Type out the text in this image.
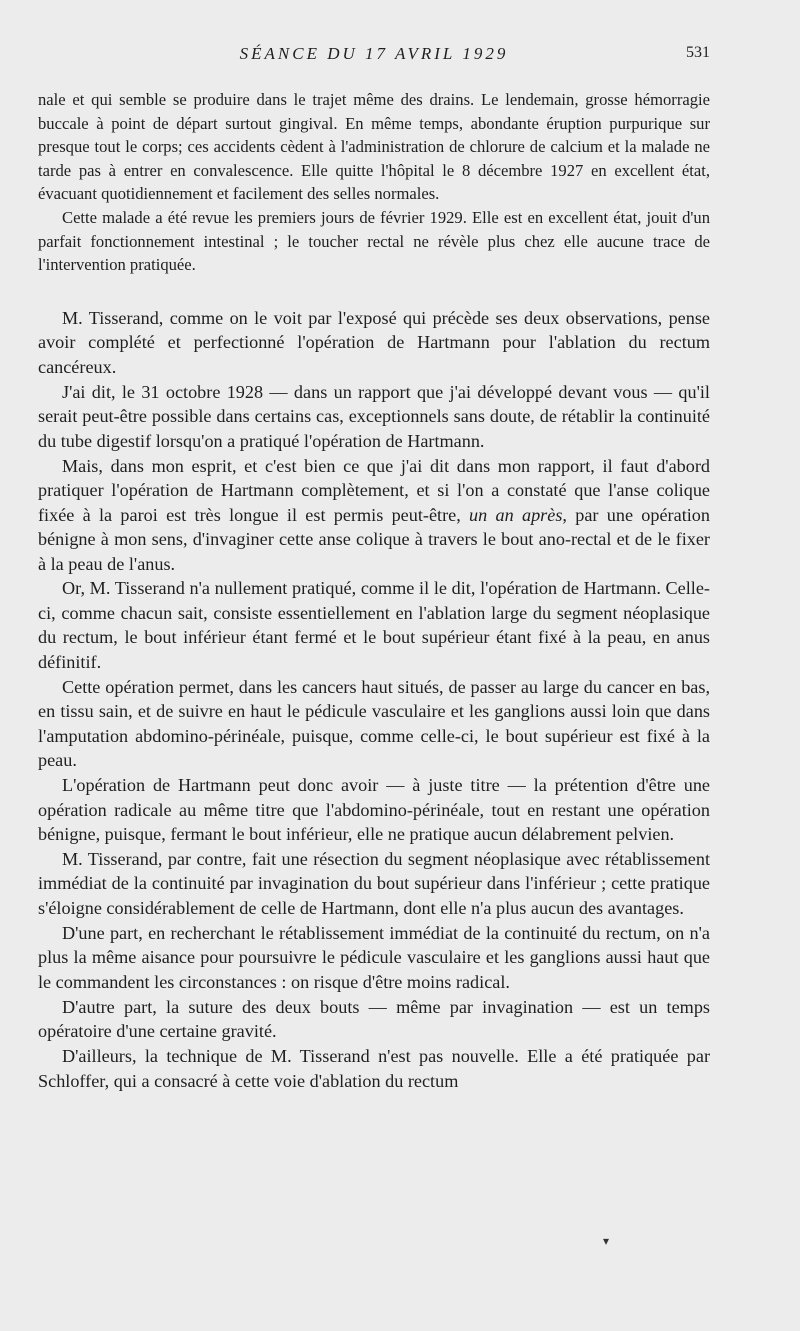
SÉANCE DU 17 AVRIL 1929	531

nale et qui semble se produire dans le trajet même des drains. Le lendemain, grosse hémorragie buccale à point de départ surtout gingival. En même temps, abondante éruption purpurique sur presque tout le corps; ces accidents cèdent à l'administration de chlorure de calcium et la malade ne tarde pas à entrer en convalescence. Elle quitte l'hôpital le 8 décembre 1927 en excellent état, évacuant quotidiennement et facilement des selles normales.

Cette malade a été revue les premiers jours de février 1929. Elle est en excellent état, jouit d'un parfait fonctionnement intestinal ; le toucher rectal ne révèle plus chez elle aucune trace de l'intervention pratiquée.

M. Tisserand, comme on le voit par l'exposé qui précède ses deux observations, pense avoir complété et perfectionné l'opération de Hartmann pour l'ablation du rectum cancéreux.

J'ai dit, le 31 octobre 1928 — dans un rapport que j'ai développé devant vous — qu'il serait peut-être possible dans certains cas, exceptionnels sans doute, de rétablir la continuité du tube digestif lorsqu'on a pratiqué l'opération de Hartmann.

Mais, dans mon esprit, et c'est bien ce que j'ai dit dans mon rapport, il faut d'abord pratiquer l'opération de Hartmann complètement, et si l'on a constaté que l'anse colique fixée à la paroi est très longue il est permis peut-être, un an après, par une opération bénigne à mon sens, d'invaginer cette anse colique à travers le bout ano-rectal et de le fixer à la peau de l'anus.

Or, M. Tisserand n'a nullement pratiqué, comme il le dit, l'opération de Hartmann. Celle-ci, comme chacun sait, consiste essentiellement en l'ablation large du segment néoplasique du rectum, le bout inférieur étant fermé et le bout supérieur étant fixé à la peau, en anus définitif.

Cette opération permet, dans les cancers haut situés, de passer au large du cancer en bas, en tissu sain, et de suivre en haut le pédicule vasculaire et les ganglions aussi loin que dans l'amputation abdomino-périnéale, puisque, comme celle-ci, le bout supérieur est fixé à la peau.

L'opération de Hartmann peut donc avoir — à juste titre — la prétention d'être une opération radicale au même titre que l'abdomino-périnéale, tout en restant une opération bénigne, puisque, fermant le bout inférieur, elle ne pratique aucun délabrement pelvien.

M. Tisserand, par contre, fait une résection du segment néoplasique avec rétablissement immédiat de la continuité par invagination du bout supérieur dans l'inférieur ; cette pratique s'éloigne considérablement de celle de Hartmann, dont elle n'a plus aucun des avantages.

D'une part, en recherchant le rétablissement immédiat de la continuité du rectum, on n'a plus la même aisance pour poursuivre le pédicule vasculaire et les ganglions aussi haut que le commandent les circonstances : on risque d'être moins radical.

D'autre part, la suture des deux bouts — même par invagination — est un temps opératoire d'une certaine gravité.

D'ailleurs, la technique de M. Tisserand n'est pas nouvelle. Elle a été pratiquée par Schloffer, qui a consacré à cette voie d'ablation du rectum

▾
